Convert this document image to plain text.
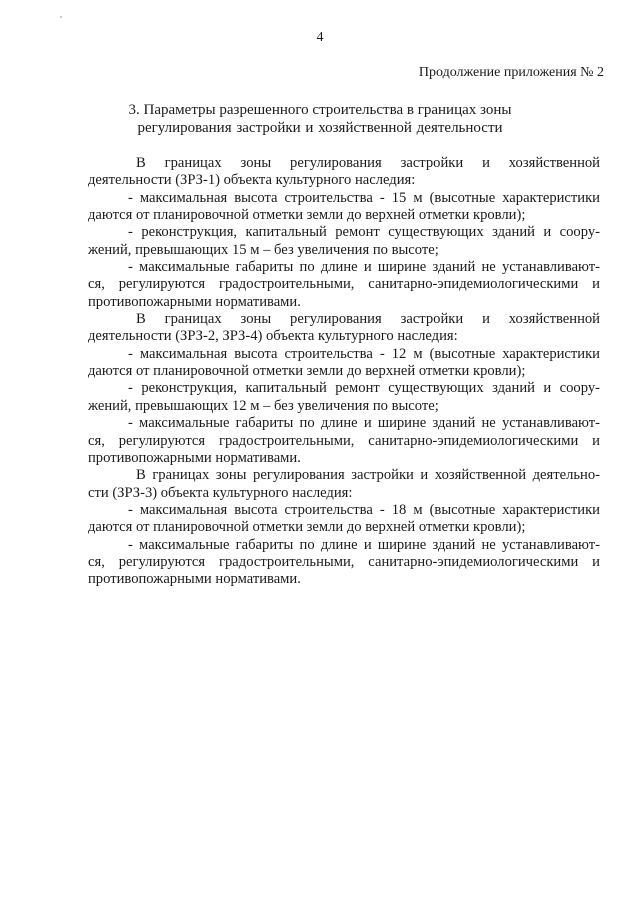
4
Продолжение приложения № 2
3. Параметры разрешенного строительства в границах зоны
регулирования застройки и хозяйственной деятельности
В границах зоны регулирования застройки и хозяйственной
деятельности (ЗРЗ-1) объекта культурного наследия:
- максимальная высота строительства - 15 м (высотные характеристики
даются от планировочной отметки земли до верхней отметки кровли);
- реконструкция, капитальный ремонт существующих зданий и соору-
жений, превышающих 15 м – без увеличения по высоте;
- максимальные габариты по длине и ширине зданий не устанавливают-
ся, регулируются градостроительными, санитарно-эпидемиологическими и
противопожарными нормативами.
В границах зоны регулирования застройки и хозяйственной
деятельности (ЗРЗ-2, ЗРЗ-4) объекта культурного наследия:
- максимальная высота строительства - 12 м (высотные характеристики
даются от планировочной отметки земли до верхней отметки кровли);
- реконструкция, капитальный ремонт существующих зданий и соору-
жений, превышающих 12 м – без увеличения по высоте;
- максимальные габариты по длине и ширине зданий не устанавливают-
ся, регулируются градостроительными, санитарно-эпидемиологическими и
противопожарными нормативами.
В границах зоны регулирования застройки и хозяйственной деятельно-
сти (ЗРЗ-3) объекта культурного наследия:
- максимальная высота строительства - 18 м (высотные характеристики
даются от планировочной отметки земли до верхней отметки кровли);
- максимальные габариты по длине и ширине зданий не устанавливают-
ся, регулируются градостроительными, санитарно-эпидемиологическими и
противопожарными нормативами.
